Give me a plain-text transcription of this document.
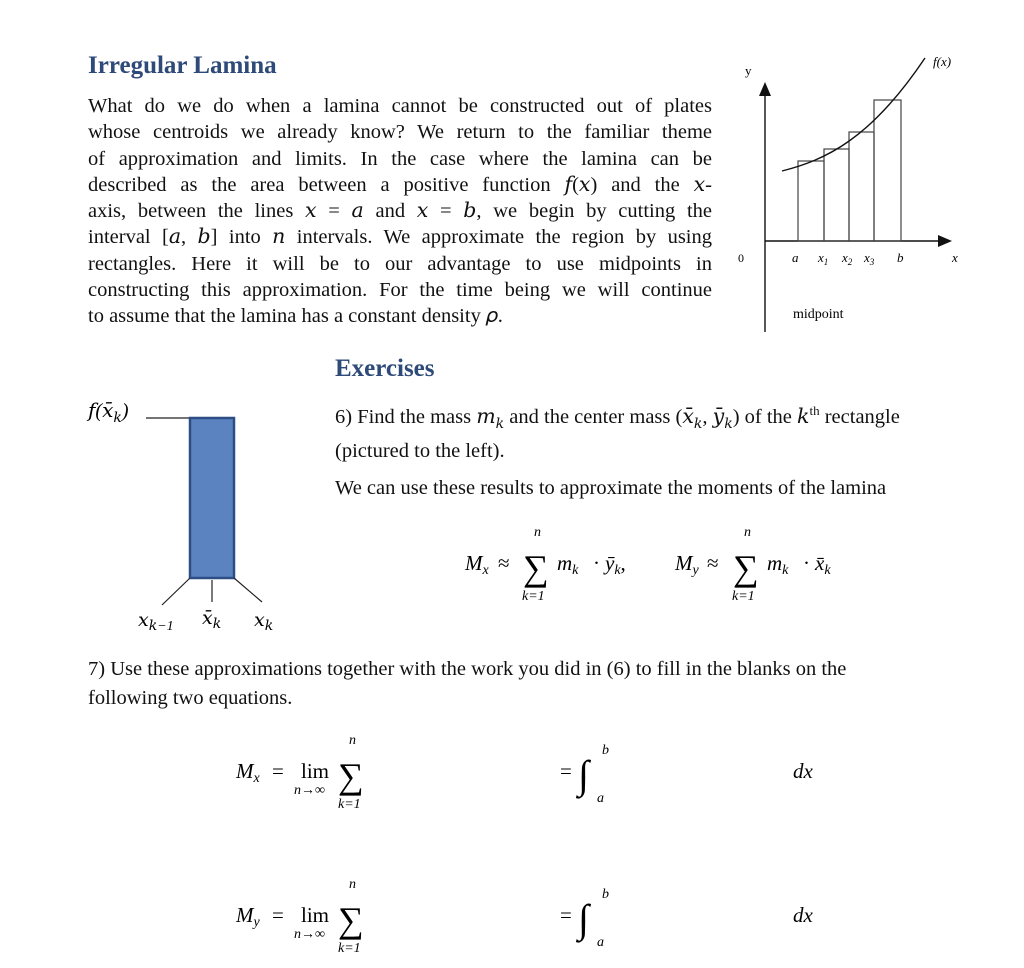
Irregular Lamina
What do we do when a lamina cannot be constructed out of plates
whose centroids we already know? We return to the familiar theme
of approximation and limits. In the case where the lamina can be
described as the area between a positive function 𝑓(𝑥) and the 𝑥-
axis, between the lines 𝑥 = 𝑎 and 𝑥 = 𝑏, we begin by cutting the
interval [𝑎, 𝑏] into 𝑛 intervals. We approximate the region by using
rectangles. Here it will be to our advantage to use midpoints in
constructing this approximation. For the time being we will continue
to assume that the lamina has a constant density 𝜌.
y
x
0
f(x)
a $x_1$ $x_2$ $x_3$ b
midpoint
Exercises
6) Find the mass 𝑚$_𝑘$ and the center mass ($𝑥̄_𝑘$, $𝑦̄_𝑘$) of the 𝑘$^{th}$ rectangle
(pictured to the left).
We can use these results to approximate the moments of the lamina
$𝑓(𝑥̄_𝑘)$
𝑥$_{𝑘-1}$ $𝑥̄_𝑘$ 𝑥$_𝑘$
Mx ≈
n
∑
k=1
mk · ȳk, My ≈
n
∑
k=1
mk · x̄k
7) Use these approximations together with the work you did in (6) to fill in the blanks on the
following two equations.
Mx = lim
n→∞
n
∑
k=1
= ∫
b
a
dx
My = lim
n→∞
n
∑
k=1
= ∫
b
a
dx
